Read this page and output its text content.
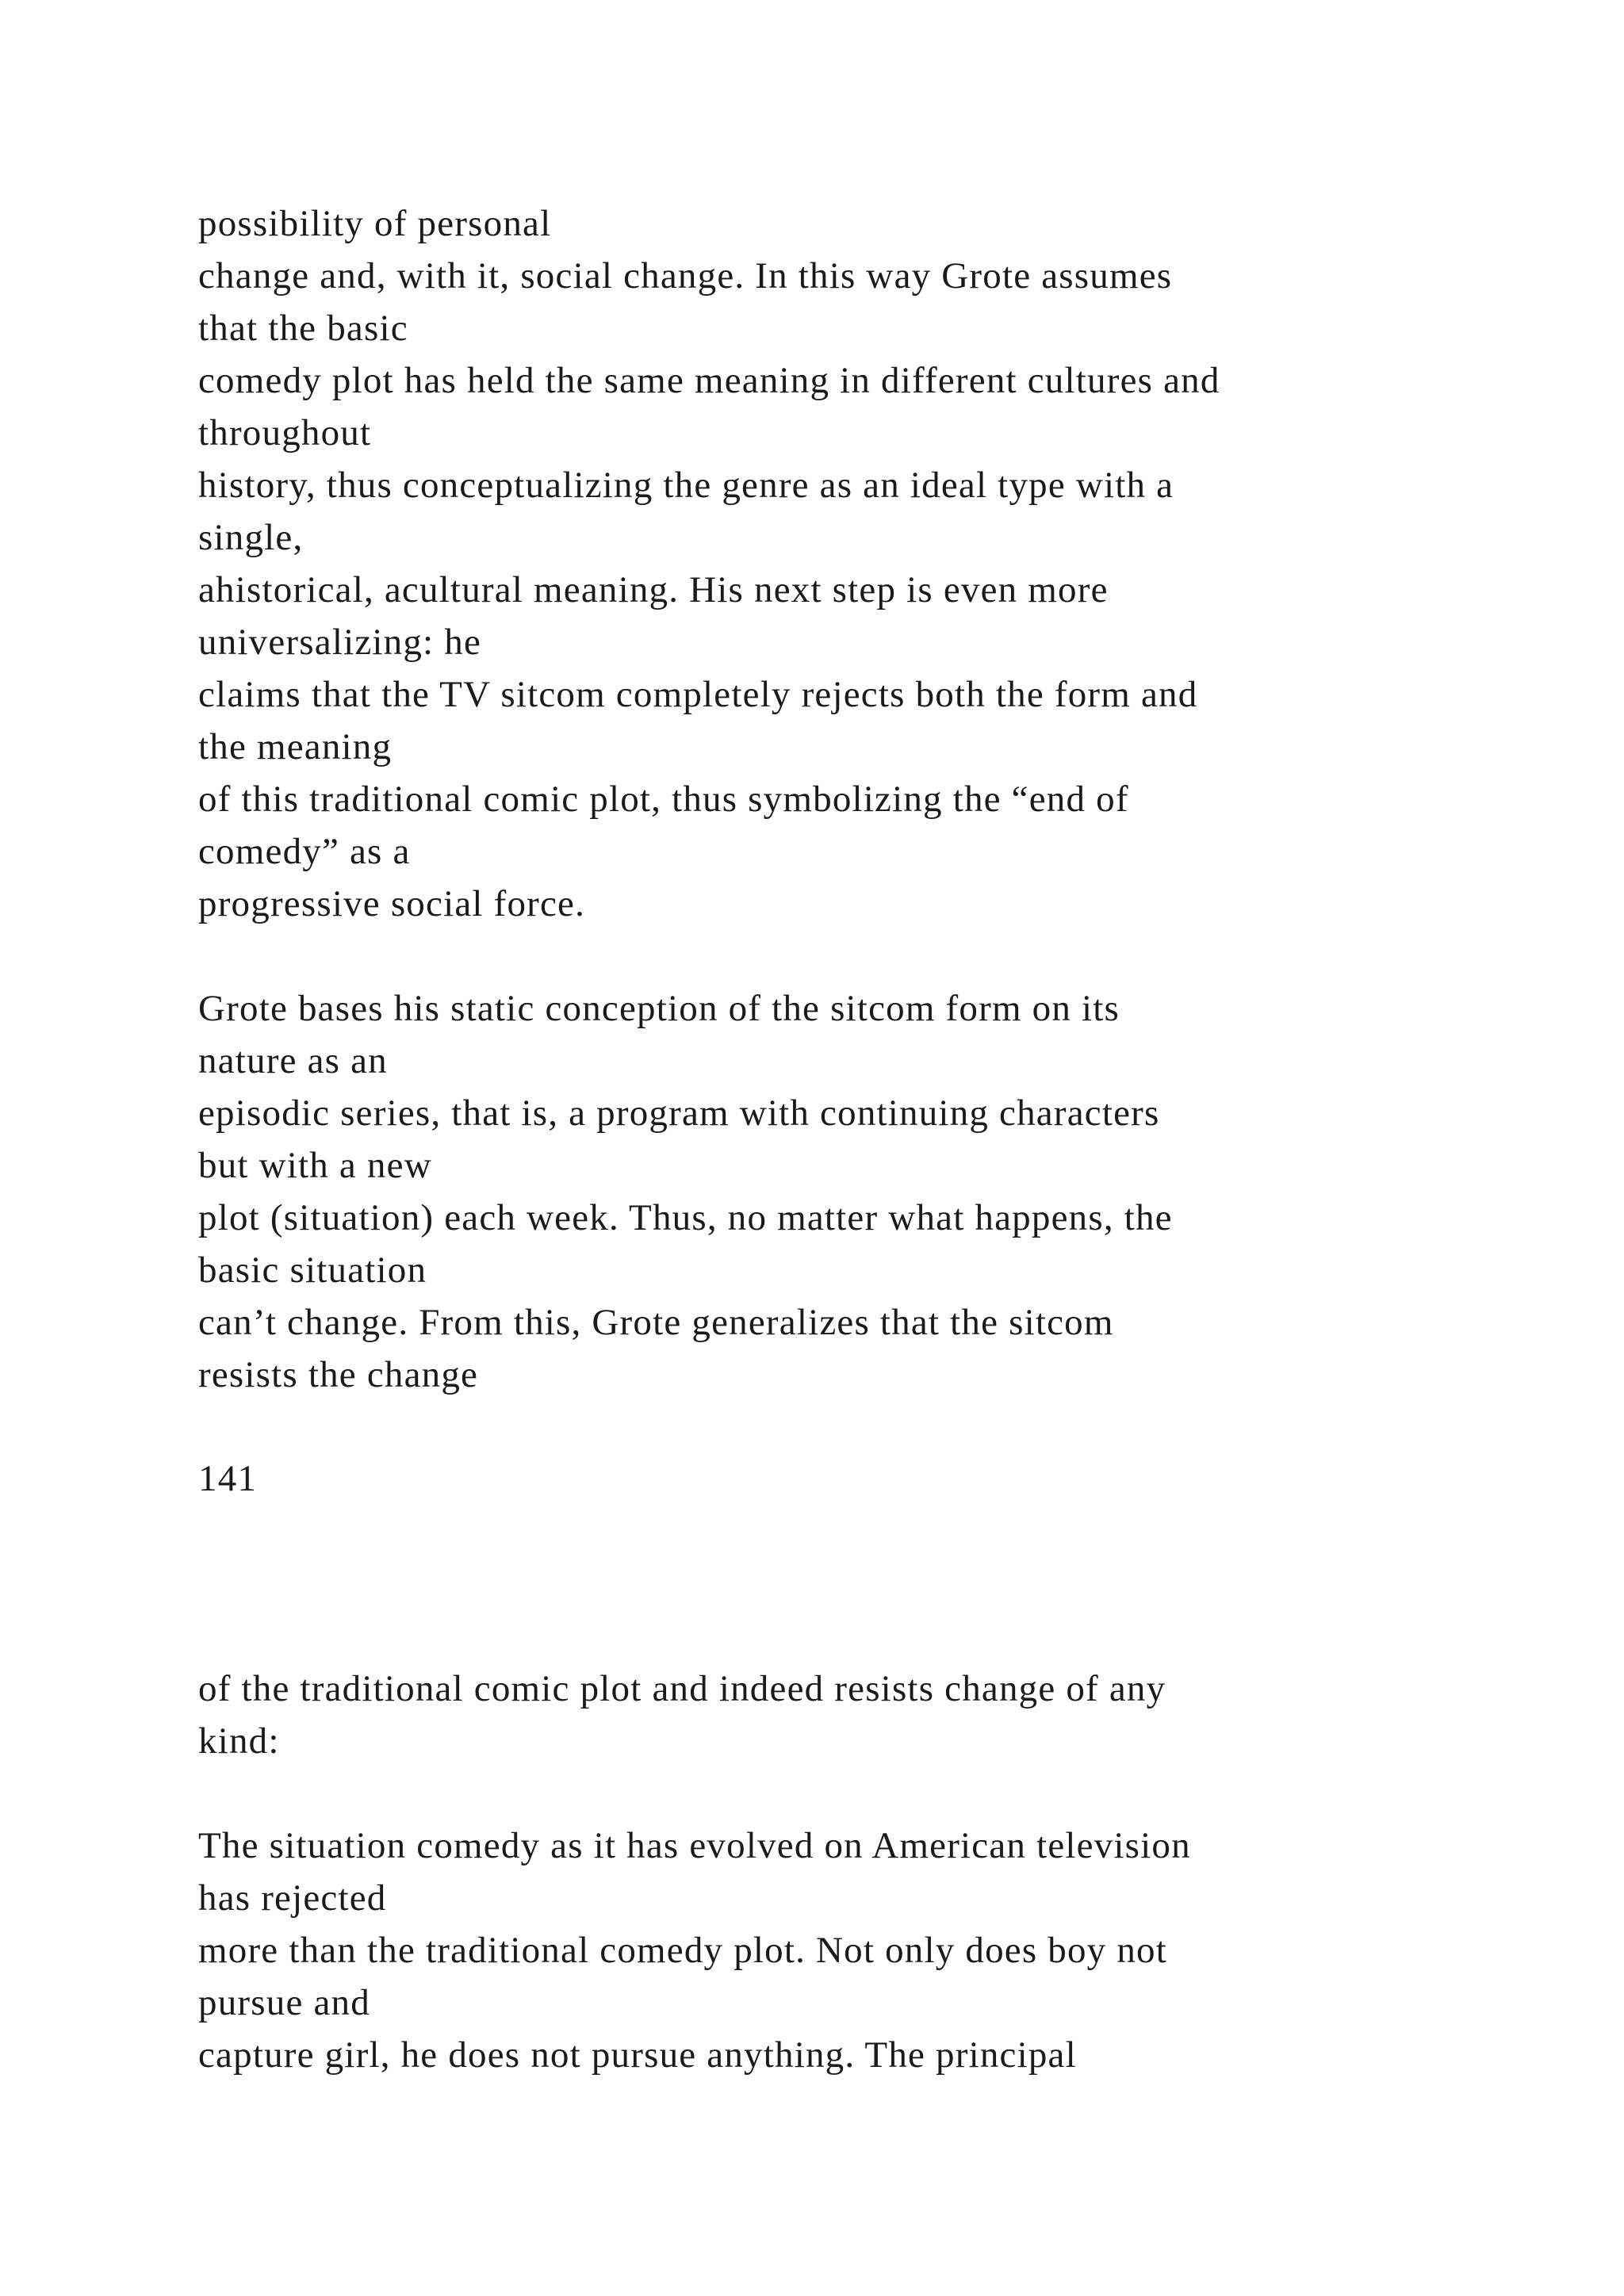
possibility of personal
change and, with it, social change. In this way Grote assumes
that the basic
comedy plot has held the same meaning in different cultures and
throughout
history, thus conceptualizing the genre as an ideal type with a
single,
ahistorical, acultural meaning. His next step is even more
universalizing: he
claims that the TV sitcom completely rejects both the form and
the meaning
of this traditional comic plot, thus symbolizing the “end of
comedy” as a
progressive social force.
Grote bases his static conception of the sitcom form on its
nature as an
episodic series, that is, a program with continuing characters
but with a new
plot (situation) each week. Thus, no matter what happens, the
basic situation
can’t change. From this, Grote generalizes that the sitcom
resists the change
141
of the traditional comic plot and indeed resists change of any
kind:
The situation comedy as it has evolved on American television
has rejected
more than the traditional comedy plot. Not only does boy not
pursue and
capture girl, he does not pursue anything. The principal
